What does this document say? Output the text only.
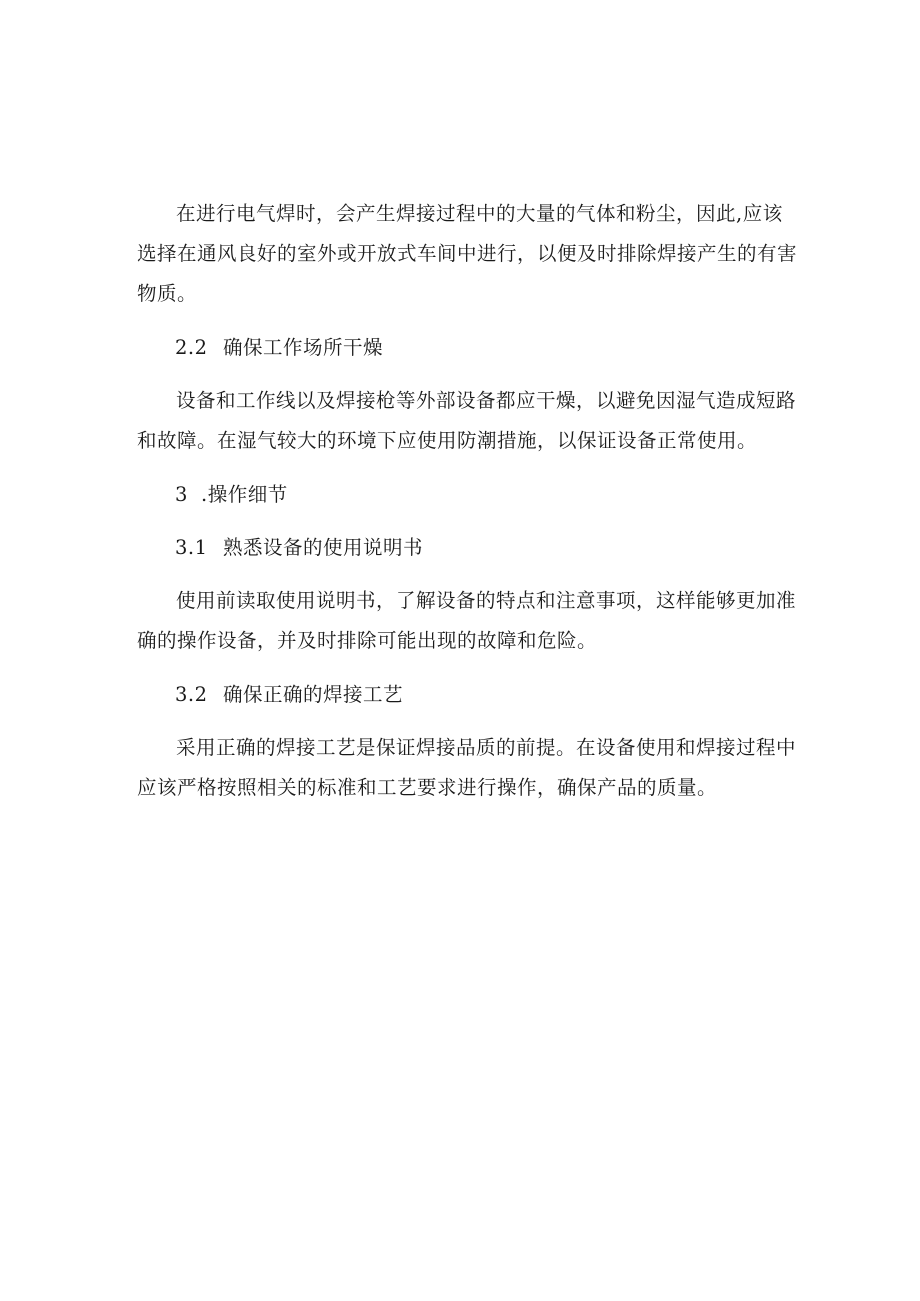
在进行电气焊时，会产生焊接过程中的大量的气体和粉尘，因此,应该选择在通风良好的室外或开放式车间中进行，以便及时排除焊接产生的有害物质。

2.2 确保工作场所干燥

设备和工作线以及焊接枪等外部设备都应干燥，以避免因湿气造成短路和故障。在湿气较大的环境下应使用防潮措施，以保证设备正常使用。

3 .操作细节

3.1 熟悉设备的使用说明书

使用前读取使用说明书，了解设备的特点和注意事项，这样能够更加准确的操作设备，并及时排除可能出现的故障和危险。

3.2 确保正确的焊接工艺

采用正确的焊接工艺是保证焊接品质的前提。在设备使用和焊接过程中应该严格按照相关的标准和工艺要求进行操作，确保产品的质量。
